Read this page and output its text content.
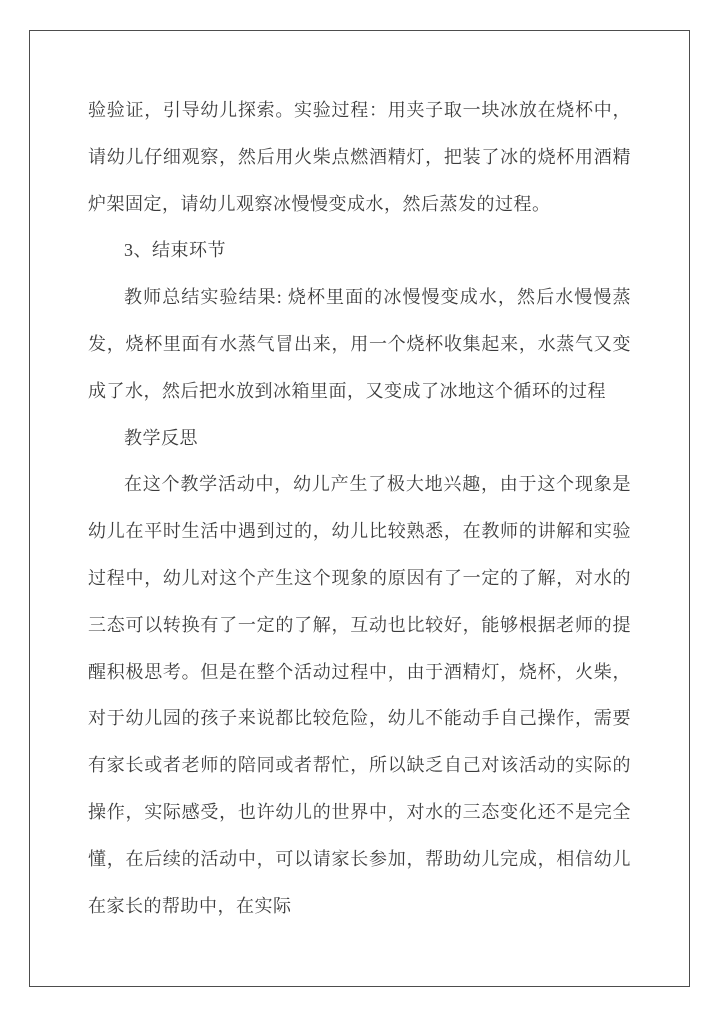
验验证，引导幼儿探索。实验过程：用夹子取一块冰放在烧杯中，请幼儿仔细观察，然后用火柴点燃酒精灯，把装了冰的烧杯用酒精炉架固定，请幼儿观察冰慢慢变成水，然后蒸发的过程。

3、结束环节

教师总结实验结果: 烧杯里面的冰慢慢变成水，然后水慢慢蒸发，烧杯里面有水蒸气冒出来，用一个烧杯收集起来，水蒸气又变成了水，然后把水放到冰箱里面，又变成了冰地这个循环的过程

教学反思

在这个教学活动中，幼儿产生了极大地兴趣，由于这个现象是幼儿在平时生活中遇到过的，幼儿比较熟悉，在教师的讲解和实验过程中，幼儿对这个产生这个现象的原因有了一定的了解，对水的三态可以转换有了一定的了解，互动也比较好，能够根据老师的提醒积极思考。但是在整个活动过程中，由于酒精灯，烧杯，火柴，对于幼儿园的孩子来说都比较危险，幼儿不能动手自己操作，需要有家长或者老师的陪同或者帮忙，所以缺乏自己对该活动的实际的操作，实际感受，也许幼儿的世界中，对水的三态变化还不是完全懂，在后续的活动中，可以请家长参加，帮助幼儿完成，相信幼儿在家长的帮助中，在实际
